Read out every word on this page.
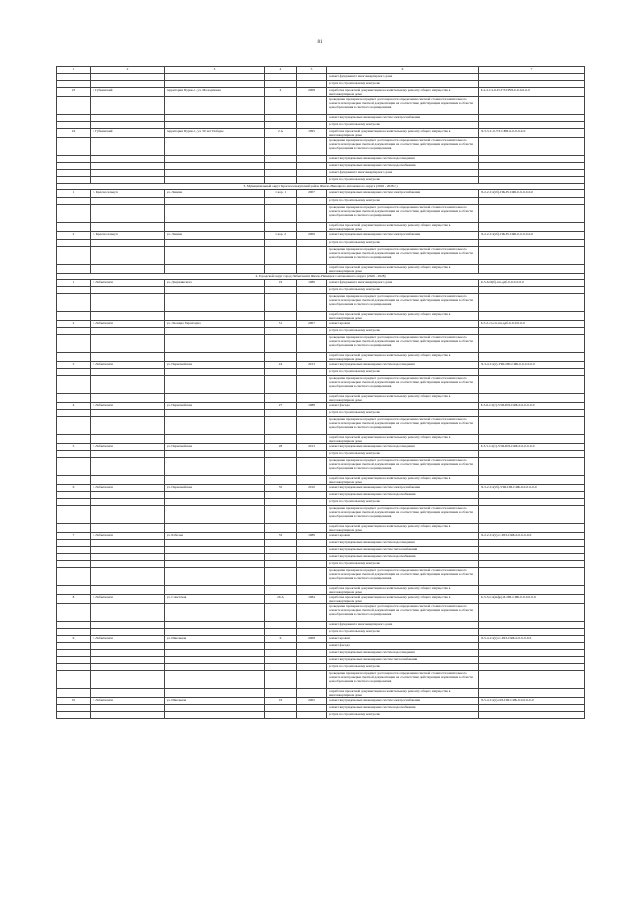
81
1	2	3	4	5	6	7

					ремонт фундамента многоквартирного дома	

					услуги по строительному контролю	

23	г. Губкинский	территория Пурпе-1, ул. Молодёжная	4	2008	разработка проектной документации на капитальному ремонту общего имущества в многоквартирном доме	Б-2-2-Сл-6-П-ТЭ/СВП-0-0-0-0-0-0

					проведение проверки на предмет достоверности определения сметной стоимости капитального ремонта или проверки сметной документации на соответствие действующим нормативам в области ценообразования в сметного нормирования	

					ремонт внутридомовых инженерных систем электроснабжения	

					услуги по строительному контролю	

24	г. Губкинский	территория Пурпе-1, ул. 50 лет Победы	2 А	1995	разработка проектной документации на капитальному ремонту общего имущества в многоквартирном доме	П-3-3-С-0-ТЭ-СВП-0-0-0-0-0-0

					проведение проверки на предмет достоверности определения сметной стоимости капитального ремонта или проверки сметной документации на соответствие действующим нормативам в области ценообразования в сметного нормирования	

					ремонт внутридомовых инженерных систем водоотведения	

					ремонт внутридомовых инженерных систем водоснабжения	

					ремонт фундамента многоквартирного дома	

					услуги по строительному контролю	

3. Муниципальный округ Красноселькупский район Ямало-Ненецкого автономного округа (2026 - 2028 г.)						

1	с. Красноселькуп	ул. Ленина	1 кор. 1	2007	ремонт внутридомовых инженерных систем электроснабжения	П-2-2-Сл(тб)-ПК-Н-СЯБ-0-0-0-0-0-0

					услуги по строительному контролю	

					проведение проверки на предмет достоверности определения сметной стоимости капитального ремонта или проверки сметной документации на соответствие действующим нормативам в области ценообразования в сметного нормирования	

					разработка проектной документации на капитальному ремонту общего имущества в многоквартирном доме	

2	с. Красноселькуп	ул. Ленина	1 кор. 2	2006	ремонт внутридомовых инженерных систем электроснабжения	П-2-2-Сл(тб)-ПК-Н-СЯБ-0-0-0-0-0-0

					услуги по строительному контролю	

					проведение проверки на предмет достоверности определения сметной стоимости капитального ремонта или проверки сметной документации на соответствие действующим нормативам в области ценообразования в сметного нормирования	

					разработка проектной документации на капитальному ремонту общего имущества в многоквартирном доме	

4. Городской округ город Лабытнанги Ямало-Ненецкого автономного округа (2026 - 2028)						

1	г. Лабытнанги	ул. Дзержинского	19	1986	ремонт фундамента многоквартирного дома	К-5-6-П(б)-пп-ддб-0-0-0-0-0-0

					услуги по строительному контролю	

					проведение проверки на предмет достоверности определения сметной стоимости капитального ремонта или проверки сметной документации на соответствие действующим нормативам в области ценообразования в сметного нормирования	

					разработка проектной документации на капитальному ремонту общего имущества в многоквартирном доме	

2	г. Лабытнанги	ул. Леонида Гиршгорна	51	2007	ремонт кровли	Б-5-2-сл-сп-пп-ддб-0-0-0-0-0-0

					услуги по строительному контролю	

					проведение проверки на предмет достоверности определения сметной стоимости капитального ремонта или проверки сметной документации на соответствие действующим нормативам в области ценообразования в сметного нормирования	

					разработка проектной документации на капитальному ремонту общего имущества в многоквартирном доме	

3	г. Лабытнанги	ул. Первомайская	24	2013	ремонт внутридомовых инженерных систем водоотведения	П-3-4-Сл(т)-УШ-ПП-СЯБ-0-0-0-0-0-0

					услуги по строительному контролю	

					проведение проверки на предмет достоверности определения сметной стоимости капитального ремонта или проверки сметной документации на соответствие действующим нормативам в области ценообразования в сметного нормирования	

					разработка проектной документации на капитальному ремонту общего имущества в многоквартирном доме	

4	г. Лабытнанги	ул. Первомайская	27	1988	ремонт фасада	Б-3-6-Сл(т)-УШ-ПП-СЯБ-0-0-0-0-0-0

					услуги по строительному контролю	

					проведение проверки на предмет достоверности определения сметной стоимости капитального ремонта или проверки сметной документации на соответствие действующим нормативам в области ценообразования в сметного нормирования	

					разработка проектной документации на капитальному ремонту общего имущества в многоквартирном доме	

5	г. Лабытнанги	ул. Первомайская	28	2013	ремонт внутридомовых инженерных систем водоотведения	Б-3-5-Сл(т)-УШ-ПП-СЯБ-0-0-0-0-0-0

					услуги по строительному контролю	

					проведение проверки на предмет достоверности определения сметной стоимости капитального ремонта или проверки сметной документации на соответствие действующим нормативам в области ценообразования в сметного нормирования	

					разработка проектной документации на капитальному ремонту общего имущества в многоквартирном доме	

6	г. Лабытнанги	ул. Первомайская	35	2010	ремонт внутридомовых инженерных систем электроснабжения	П-3-2-Сл(тб)-УШ-ПП-СЯБ-0-0-0-0-0-0

					ремонт внутридомовых инженерных систем водоснабжения	

					услуги по строительному контролю	

					проведение проверки на предмет достоверности определения сметной стоимости капитального ремонта или проверки сметной документации на соответствие действующим нормативам в области ценообразования в сметного нормирования	

					разработка проектной документации на капитальному ремонту общего имущества в многоквартирном доме	

7	г. Лабытнанги	ул. Рабочая	33	1989	ремонт кровли	П-2-2-Сл(т)-С-ПП-СЯБ-0-0-0-0-0-0

					ремонт внутридомовых инженерных систем водоотведения	

					ремонт внутридомовых инженерных систем теплоснабжения	

					ремонт внутридомовых инженерных систем водоснабжения	

					услуги по строительному контролю	

					проведение проверки на предмет достоверности определения сметной стоимости капитального ремонта или проверки сметной документации на соответствие действующим нормативам в области ценообразования в сметного нормирования	

					разработка проектной документации на капитальному ремонту общего имущества в многоквартирном доме	

8	г. Лабытнанги	ул. Советская	26 А	1984	разработка проектной документации на капитальному ремонту общего имущества в многоквартирном доме	К-3-3-Сл(шфр)-Б-ПП-СЯБ-0-0-0-0-0-0

					проведение проверки на предмет достоверности определения сметной стоимости капитального ремонта или проверки сметной документации на соответствие действующим нормативам в области ценообразования в сметного нормирования	

					ремонт фундамента многоквартирного дома	

					услуги по строительному контролю	

9	г. Лабытнанги	ул. Школьная	6	2008	ремонт кровли	П-5-4-Сл(т)-С-ПП-СЯБ-0-0-0-0-0-0

					ремонт фасада	

					ремонт внутридомовых инженерных систем водоотведения	

					ремонт внутридомовых инженерных систем теплоснабжения	

					услуги по строительному контролю	

					проведение проверки на предмет достоверности определения сметной стоимости капитального ремонта или проверки сметной документации на соответствие действующим нормативам в области ценообразования в сметного нормирования	

					разработка проектной документации на капитальному ремонту общего имущества в многоквартирном доме	

10	г. Лабытнанги	ул. Школьная	19	2002	ремонт внутридомовых инженерных систем электроснабжения	П-5-4-Сл(т)-ОЛ-ПП-СЯБ-0-0-0-0-0-0

					ремонт внутридомовых инженерных систем водоснабжения	

					услуги по строительному контролю	
